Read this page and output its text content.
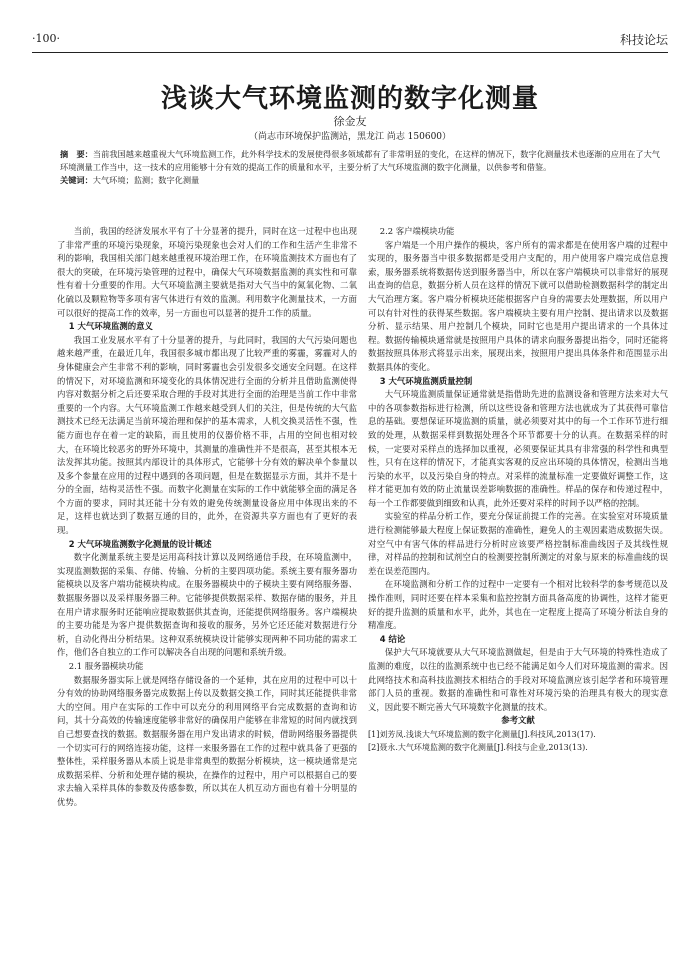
·100·	科技论坛
浅谈大气环境监测的数字化测量
徐金友
（尚志市环境保护监测站，黑龙江 尚志 150600）
摘　要：当前我国越来越重视大气环境监测工作，此外科学技术的发展使得很多领域都有了非常明显的变化，在这样的情况下，数字化测量技术也逐渐的应用在了大气环境测量工作当中，这一技术的应用能够十分有效的提高工作的质量和水平，主要分析了大气环境监测的数字化测量，以供参考和借鉴。
关键词：大气环境；监测；数字化测量

当前，我国的经济发展水平有了十分显著的提升，同时在这一过程中也出现了非常严重的环境污染现象，环境污染现象也会对人们的工作和生活产生非常不利的影响，我国相关部门越来越重视环境治理工作，在环境监测技术方面也有了很大的突破，在环境污染管理的过程中，确保大气环境数据监测的真实性和可靠性有着十分重要的作用。大气环境监测主要就是指对大气当中的氮氧化物、二氧化硫以及颗粒物等多项有害气体进行有效的监测。利用数字化测量技术，一方面可以很好的提高工作的效率，另一方面也可以显著的提升工作的质量。

1 大气环境监测的意义

我国工业发展水平有了十分显著的提升，与此同时，我国的大气污染问题也越来越严重，在最近几年，我国很多城市都出现了比较严重的雾霾，雾霾对人的身体健康会产生非常不利的影响，同时雾霾也会引发很多交通安全问题。在这样的情况下，对环境监测和环境变化的具体情况进行全面的分析并且借助监测使得内容对数据分析之后还要采取合理的手段对其进行全面的治理是当前工作中非常重要的一个内容。大气环境监测工作越来越受到人们的关注，但是传统的大气监测技术已经无法满足当前环境治理和保护的基本需求，人机交换灵活性不强，性能方面也存在着一定的缺陷，而且使用的仪器价格不菲，占用的空间也相对较大，在环境比较恶劣的野外环境中，其测量的准确性并不是很高，甚至其根本无法发挥其功能。按照其内部设计的具体形式，它能够十分有效的解决单个参量以及多个参量在应用的过程中遇到的各项问题，但是在数据显示方面，其并不是十分的全面，结构灵活性不强。而数字化测量在实际的工作中就能够全面的满足各个方面的要求，同时其还能十分有效的避免传统测量设备应用中体现出来的不足，这样也就达到了数据互通的目的，此外，在资源共享方面也有了更好的表现。

2 大气环境监测数字化测量的设计概述

数字化测量系统主要是运用高科技计算以及网络通信手段，在环境监测中，实现监测数据的采集、存储、传输、分析的主要四项功能。系统主要有服务器功能模块以及客户端功能模块构成。在服务器模块中的子模块主要有网络服务器、数据服务器以及采样服务器三种。它能够提供数据采样、数据存储的服务，并且在用户请求服务时还能响应提取数据供其查询，还能提供网络服务。客户端模块的主要功能是为客户提供数据查询和接收的服务，另外它还还能对数据进行分析，自动化得出分析结果。这种双系统模块设计能够实现两种不同功能的需求工作，他们各自独立的工作可以解决各自出现的问题和系统升级。

2.1 服务器模块功能

数据服务器实际上就是网络存储设备的一个延伸，其在应用的过程中可以十分有效的协助网络服务器完成数据上传以及数据交换工作，同时其还能提供非常大的空间。用户在实际的工作中可以充分的利用网络平台完成数据的查询和访问，其十分高效的传输速度能够非常好的确保用户能够在非常短的时间内就找到自己想要查找的数据。数据服务器在用户发出请求的时候，借助网络服务器提供一个切实可行的网络连接功能，这样一来服务器在工作的过程中就具备了更强的整体性，采样服务器从本质上说是非常典型的数据分析模块，这一模块通常是完成数据采样、分析和处理存储的模块，在操作的过程中，用户可以根据自己的要求去输入采样具体的参数及传感参数，所以其在人机互动方面也有着十分明显的优势。

2.2 客户端模块功能

客户端是一个用户操作的模块，客户所有的需求都是在使用客户端的过程中实现的，服务器当中很多数据都是受用户支配的，用户使用客户端完成信息搜索，服务器系统将数据传送到服务器当中，所以在客户端模块可以非常好的展现出查询的信息，数据分析人员在这样的情况下就可以借助检测数据科学的制定出大气治理方案。客户端分析模块还能根据客户自身的需要去处理数据，所以用户可以有针对性的获得某些数据。客户端模块主要有用户控制、提出请求以及数据分析、显示结果、用户控制几个模块，同时它也是用户提出请求的一个具体过程。数据传输模块通常就是按照用户具体的请求向服务器提出指令，同时还能将数据按照具体形式将显示出来，展现出来，按照用户提出具体条件和范围显示出数据具体的变化。

3 大气环境监测质量控制

大气环境监测质量保证通常就是指借助先进的监测设备和管理方法来对大气中的各项参数指标进行检测，所以这些设备和管理方法也就成为了其获得可靠信息的基础。要想保证环境监测的质量，就必须要对其中的每一个工作环节进行细致的处理，从数据采样到数据处理各个环节都要十分的认真。在数据采样的时候，一定要对采样点的选择加以重视，必须要保证其具有非常强的科学性和典型性，只有在这样的情况下，才能真实客观的反应出环境的具体情况，检测出当地污染的水平，以及污染自身的特点。对采样的流量标准一定要做好调整工作，这样才能更加有效的防止流量误差影响数据的准确性。样品的保存和传递过程中，每一个工作都要做到细致和认真，此外还要对采样的时间予以严格的控制。

实验室的样品分析工作，要充分保证前提工作的完善。在实验室对环境质量进行检测能够最大程度上保证数据的准确性，避免人的主观因素造成数据失误。对空气中有害气体的样品进行分析时应该要严格控制标准曲线因子及其线性规律，对样品的控制和试剂空白的检测要控制所测定的对象与原来的标准曲线的误差在误差范围内。

在环境监测和分析工作的过程中一定要有一个相对比较科学的参考规范以及操作准则，同时还要在样本采集和监控控制方面具备高度的协调性，这样才能更好的提升监测的质量和水平，此外，其也在一定程度上提高了环境分析法自身的精准度。

4 结论

保护大气环境就要从大气环境监测做起，但是由于大气环境的特殊性造成了监测的难度，以往的监测系统中也已经不能满足如今人们对环境监测的需求。因此网络技术和高科技监测技术相结合的手段对环境监测应该引起学者和环境管理部门人员的重视。数据的准确性和可靠性对环境污染的治理具有极大的现实意义，因此要不断完善大气环境数字化测量的技术。

参考文献
[1]刘芳凤.浅谈大气环境监测的数字化测量[J].科技风,2013(17).
[2]聂永.大气环境监测的数字化测量[J].科技与企业,2013(13).
